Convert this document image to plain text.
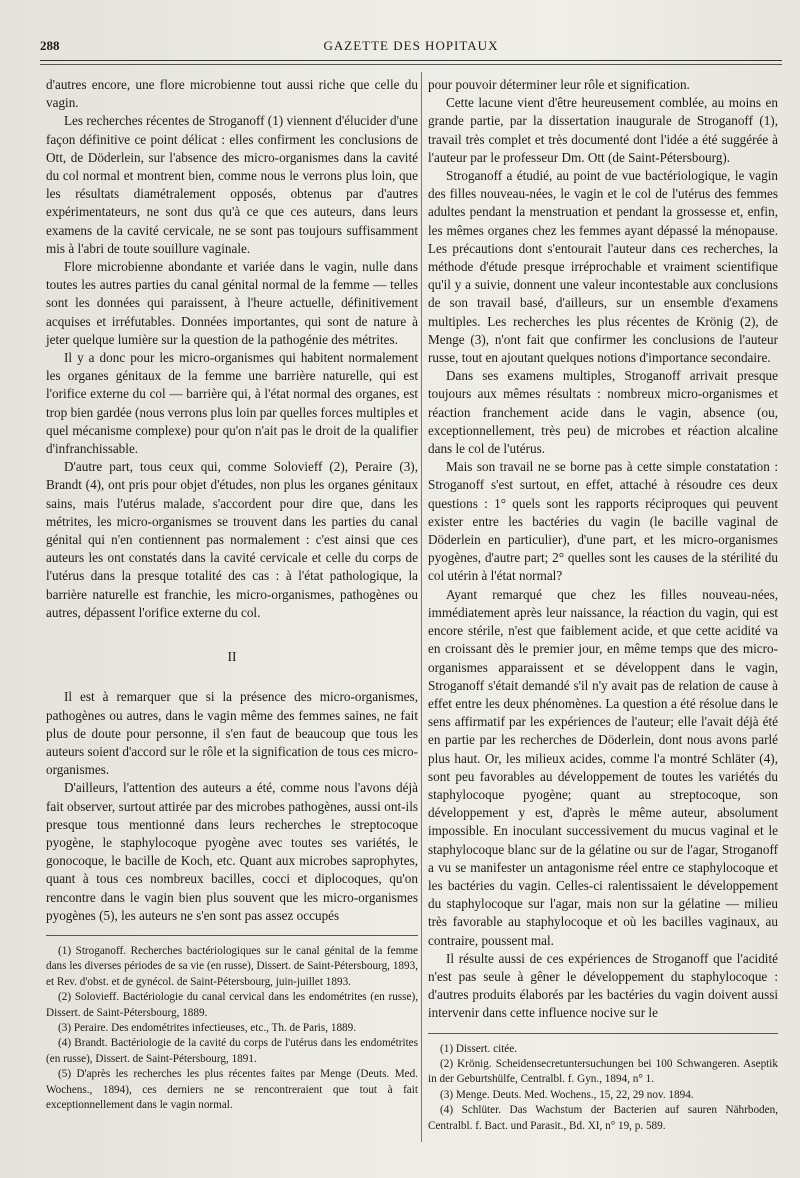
288	GAZETTE DES HOPITAUX

d'autres encore, une flore microbienne tout aussi riche que celle du vagin.

Les recherches récentes de Stroganoff (1) viennent d'élucider d'une façon définitive ce point délicat : elles confirment les conclusions de Ott, de Döderlein, sur l'absence des micro-organismes dans la cavité du col normal et montrent bien, comme nous le verrons plus loin, que les résultats diamétralement opposés, obtenus par d'autres expérimentateurs, ne sont dus qu'à ce que ces auteurs, dans leurs examens de la cavité cervicale, ne se sont pas toujours suffisamment mis à l'abri de toute souillure vaginale.

Flore microbienne abondante et variée dans le vagin, nulle dans toutes les autres parties du canal génital normal de la femme — telles sont les données qui paraissent, à l'heure actuelle, définitivement acquises et irréfutables. Données importantes, qui sont de nature à jeter quelque lumière sur la question de la pathogénie des métrites.

Il y a donc pour les micro-organismes qui habitent normalement les organes génitaux de la femme une barrière naturelle, qui est l'orifice externe du col — barrière qui, à l'état normal des organes, est trop bien gardée (nous verrons plus loin par quelles forces multiples et quel mécanisme complexe) pour qu'on n'ait pas le droit de la qualifier d'infranchissable.

D'autre part, tous ceux qui, comme Solovieff (2), Peraire (3), Brandt (4), ont pris pour objet d'études, non plus les organes génitaux sains, mais l'utérus malade, s'accordent pour dire que, dans les métrites, les micro-organismes se trouvent dans les parties du canal génital qui n'en contiennent pas normalement : c'est ainsi que ces auteurs les ont constatés dans la cavité cervicale et celle du corps de l'utérus dans la presque totalité des cas : à l'état pathologique, la barrière naturelle est franchie, les micro-organismes, pathogènes ou autres, dépassent l'orifice externe du col.

II

Il est à remarquer que si la présence des micro-organismes, pathogènes ou autres, dans le vagin même des femmes saines, ne fait plus de doute pour personne, il s'en faut de beaucoup que tous les auteurs soient d'accord sur le rôle et la signification de tous ces micro-organismes.

D'ailleurs, l'attention des auteurs a été, comme nous l'avons déjà fait observer, surtout attirée par des microbes pathogènes, aussi ont-ils presque tous mentionné dans leurs recherches le streptocoque pyogène, le staphylocoque pyogène avec toutes ses variétés, le gonocoque, le bacille de Koch, etc. Quant aux microbes saprophytes, quant à tous ces nombreux bacilles, cocci et diplocoques, qu'on rencontre dans le vagin bien plus souvent que les micro-organismes pyogènes (5), les auteurs ne s'en sont pas assez occupés

(1) Stroganoff. Recherches bactériologiques sur le canal génital de la femme dans les diverses périodes de sa vie (en russe), Dissert. de Saint-Pétersbourg, 1893, et Rev. d'obst. et de gynécol. de Saint-Pétersbourg, juin-juillet 1893.

(2) Solovieff. Bactériologie du canal cervical dans les endométrites (en russe), Dissert. de Saint-Pétersbourg, 1889.

(3) Peraire. Des endométrites infectieuses, etc., Th. de Paris, 1889.

(4) Brandt. Bactériologie de la cavité du corps de l'utérus dans les endométrites (en russe), Dissert. de Saint-Pétersbourg, 1891.

(5) D'après les recherches les plus récentes faites par Menge (Deuts. Med. Wochens., 1894), ces derniers ne se rencontreraient que tout à fait exceptionnellement dans le vagin normal.

pour pouvoir déterminer leur rôle et signification.

Cette lacune vient d'être heureusement comblée, au moins en grande partie, par la dissertation inaugurale de Stroganoff (1), travail très complet et très documenté dont l'idée a été suggérée à l'auteur par le professeur Dm. Ott (de Saint-Pétersbourg).

Stroganoff a étudié, au point de vue bactériologique, le vagin des filles nouveau-nées, le vagin et le col de l'utérus des femmes adultes pendant la menstruation et pendant la grossesse et, enfin, les mêmes organes chez les femmes ayant dépassé la ménopause. Les précautions dont s'entourait l'auteur dans ces recherches, la méthode d'étude presque irréprochable et vraiment scientifique qu'il y a suivie, donnent une valeur incontestable aux conclusions de son travail basé, d'ailleurs, sur un ensemble d'examens multiples. Les recherches les plus récentes de Krönig (2), de Menge (3), n'ont fait que confirmer les conclusions de l'auteur russe, tout en ajoutant quelques notions d'importance secondaire.

Dans ses examens multiples, Stroganoff arrivait presque toujours aux mêmes résultats : nombreux micro-organismes et réaction franchement acide dans le vagin, absence (ou, exceptionnellement, très peu) de microbes et réaction alcaline dans le col de l'utérus.

Mais son travail ne se borne pas à cette simple constatation : Stroganoff s'est surtout, en effet, attaché à résoudre ces deux questions : 1° quels sont les rapports réciproques qui peuvent exister entre les bactéries du vagin (le bacille vaginal de Döderlein en particulier), d'une part, et les micro-organismes pyogènes, d'autre part; 2° quelles sont les causes de la stérilité du col utérin à l'état normal?

Ayant remarqué que chez les filles nouveau-nées, immédiatement après leur naissance, la réaction du vagin, qui est encore stérile, n'est que faiblement acide, et que cette acidité va en croissant dès le premier jour, en même temps que des micro-organismes apparaissent et se développent dans le vagin, Stroganoff s'était demandé s'il n'y avait pas de relation de cause à effet entre les deux phénomènes. La question a été résolue dans le sens affirmatif par les expériences de l'auteur; elle l'avait déjà été en partie par les recherches de Döderlein, dont nous avons parlé plus haut. Or, les milieux acides, comme l'a montré Schläter (4), sont peu favorables au développement de toutes les variétés du staphylocoque pyogène; quant au streptocoque, son développement y est, d'après le même auteur, absolument impossible. En inoculant successivement du mucus vaginal et le staphylocoque blanc sur de la gélatine ou sur de l'agar, Stroganoff a vu se manifester un antagonisme réel entre ce staphylocoque et les bactéries du vagin. Celles-ci ralentissaient le développement du staphylocoque sur l'agar, mais non sur la gélatine — milieu très favorable au staphylocoque et où les bacilles vaginaux, au contraire, poussent mal.

Il résulte aussi de ces expériences de Stroganoff que l'acidité n'est pas seule à gêner le développement du staphylocoque : d'autres produits élaborés par les bactéries du vagin doivent aussi intervenir dans cette influence nocive sur le

(1) Dissert. citée.

(2) Krönig. Scheidensecretuntersuchungen bei 100 Schwangeren. Aseptik in der Geburtshülfe, Centralbl. f. Gyn., 1894, n° 1.

(3) Menge. Deuts. Med. Wochens., 15, 22, 29 nov. 1894.

(4) Schlüter. Das Wachstum der Bacterien auf sauren Nährboden, Centralbl. f. Bact. und Parasit., Bd. XI, n° 19, p. 589.
